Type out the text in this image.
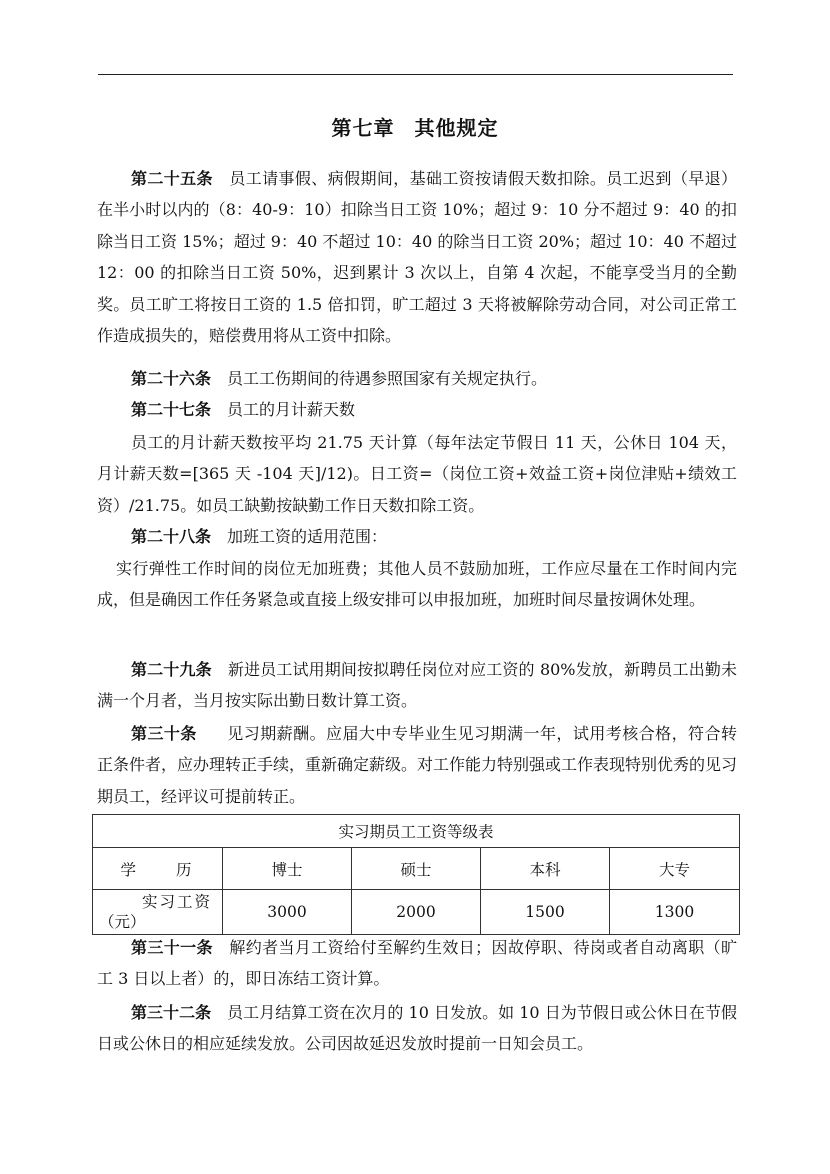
第七章 其他规定
第二十五条 员工请事假、病假期间，基础工资按请假天数扣除。员工迟到（早退）在半小时以内的（8：40-9：10）扣除当日工资 10%；超过 9：10 分不超过 9：40 的扣除当日工资 15%；超过 9：40 不超过 10：40 的除当日工资 20%；超过 10：40 不超过 12：00 的扣除当日工资 50%，迟到累计 3 次以上，自第 4 次起，不能享受当月的全勤奖。员工旷工将按日工资的 1.5 倍扣罚，旷工超过 3 天将被解除劳动合同，对公司正常工作造成损失的，赔偿费用将从工资中扣除。
第二十六条 员工工伤期间的待遇参照国家有关规定执行。
第二十七条 员工的月计薪天数
员工的月计薪天数按平均 21.75 天计算（每年法定节假日 11 天，公休日 104 天，月计薪天数=[365 天 -104 天]/12)。日工资=（岗位工资+效益工资+岗位津贴+绩效工资）/21.75。如员工缺勤按缺勤工作日天数扣除工资。
第二十八条 加班工资的适用范围：
实行弹性工作时间的岗位无加班费；其他人员不鼓励加班，工作应尽量在工作时间内完成，但是确因工作任务紧急或直接上级安排可以申报加班，加班时间尽量按调休处理。
第二十九条 新进员工试用期间按拟聘任岗位对应工资的 80%发放，新聘员工出勤未满一个月者，当月按实际出勤日数计算工资。
第三十条 见习期薪酬。应届大中专毕业生见习期满一年，试用考核合格，符合转正条件者，应办理转正手续，重新确定薪级。对工作能力特别强或工作表现特别优秀的见习期员工，经评议可提前转正。
实习期员工工资等级表				
学　　历	博士	硕士	本科	大专

实习工资
（元）	3000	2000	1500	1300
第三十一条 解约者当月工资给付至解约生效日；因故停职、待岗或者自动离职（旷工 3 日以上者）的，即日冻结工资计算。
第三十二条 员工月结算工资在次月的 10 日发放。如 10 日为节假日或公休日在节假日或公休日的相应延续发放。公司因故延迟发放时提前一日知会员工。
